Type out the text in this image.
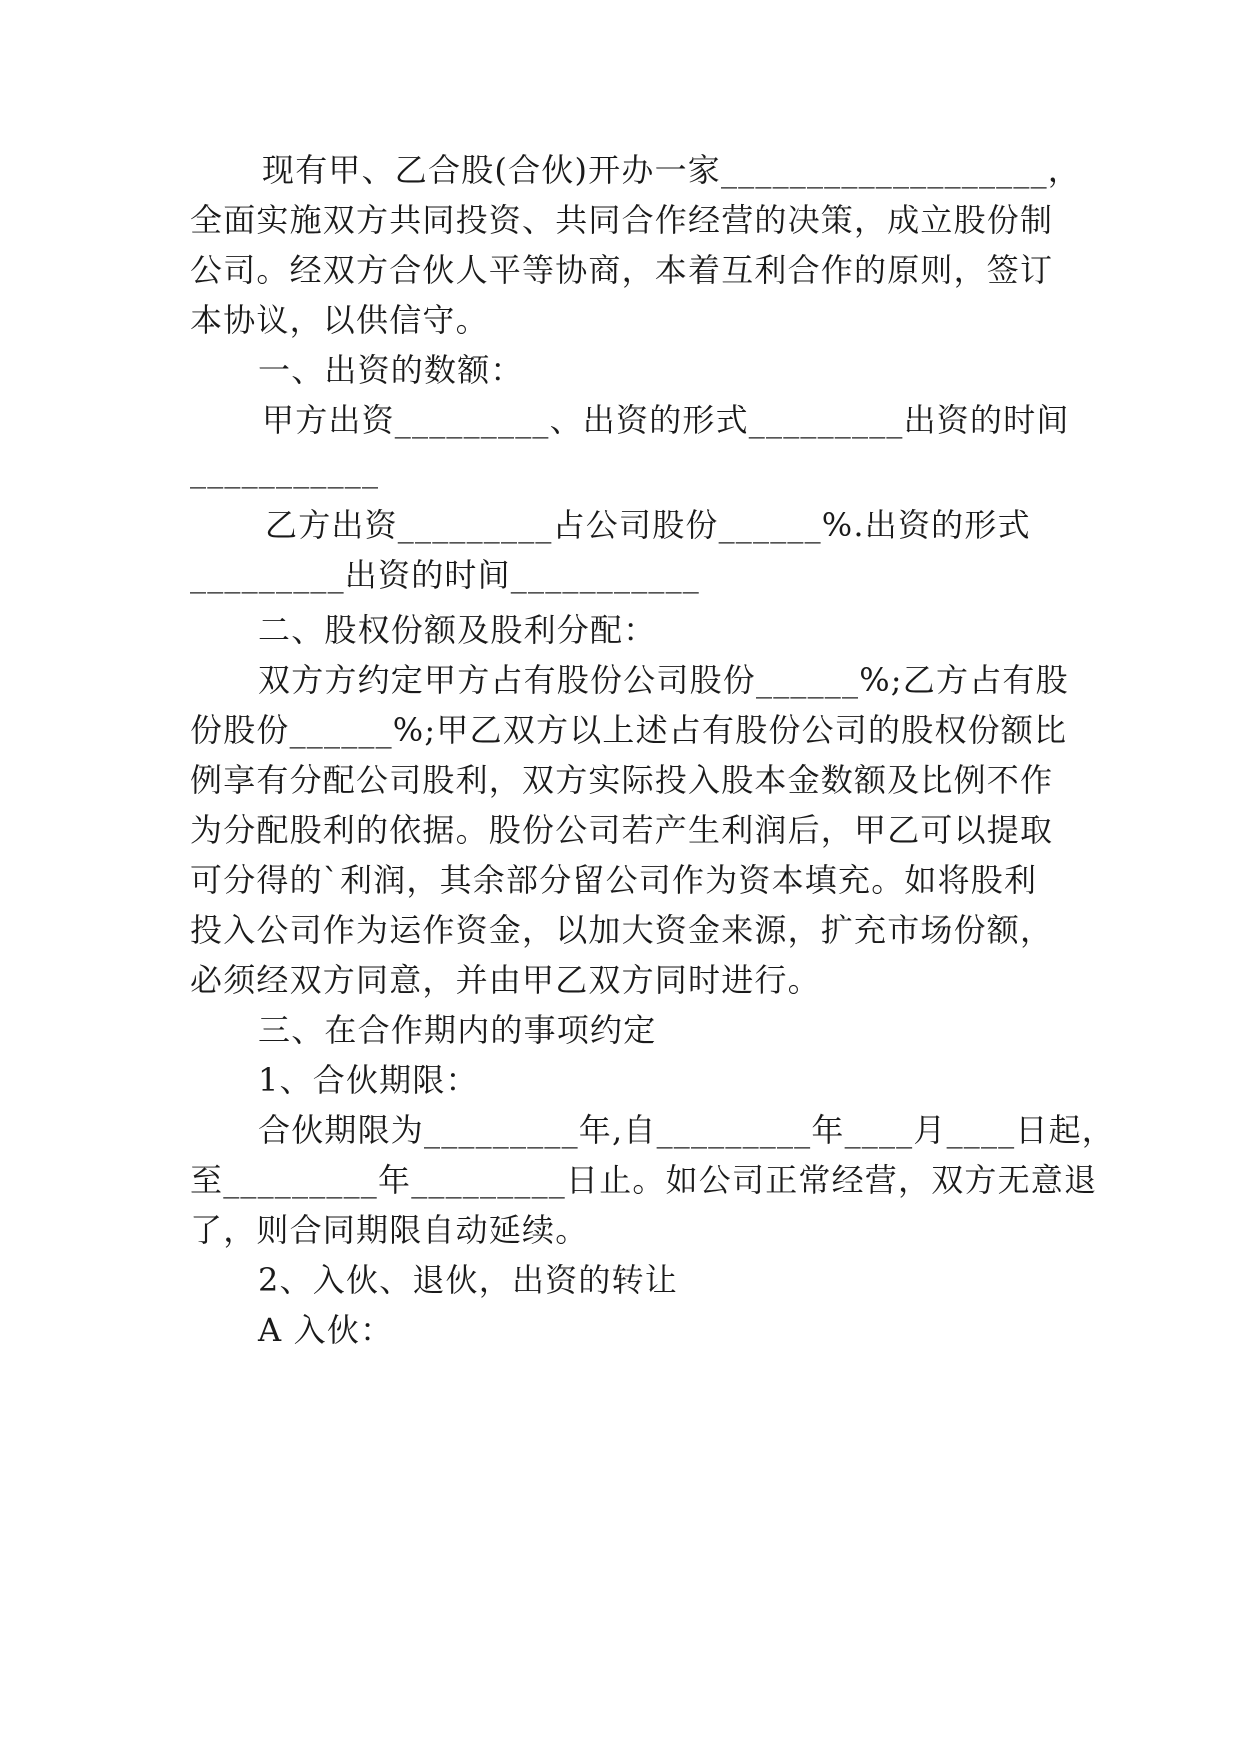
现有甲、乙合股(合伙)开办一家___________________，
全面实施双方共同投资、共同合作经营的决策，成立股份制
公司。经双方合伙人平等协商，本着互利合作的原则，签订
本协议，以供信守。
一、出资的数额：
甲方出资_________、出资的形式_________出资的时间
___________
乙方出资_________占公司股份______%.出资的形式
_________出资的时间___________
二、股权份额及股利分配：
双方方约定甲方占有股份公司股份______%;乙方占有股
份股份______%;甲乙双方以上述占有股份公司的股权份额比
例享有分配公司股利，双方实际投入股本金数额及比例不作
为分配股利的依据。股份公司若产生利润后，甲乙可以提取
可分得的`利润，其余部分留公司作为资本填充。如将股利
投入公司作为运作资金，以加大资金来源，扩充市场份额，
必须经双方同意，并由甲乙双方同时进行。
三、在合作期内的事项约定
1、合伙期限：
合伙期限为_________年,自_________年____月____日起，
至_________年_________日止。如公司正常经营，双方无意退
了，则合同期限自动延续。
2、入伙、退伙，出资的转让
A 入伙：
